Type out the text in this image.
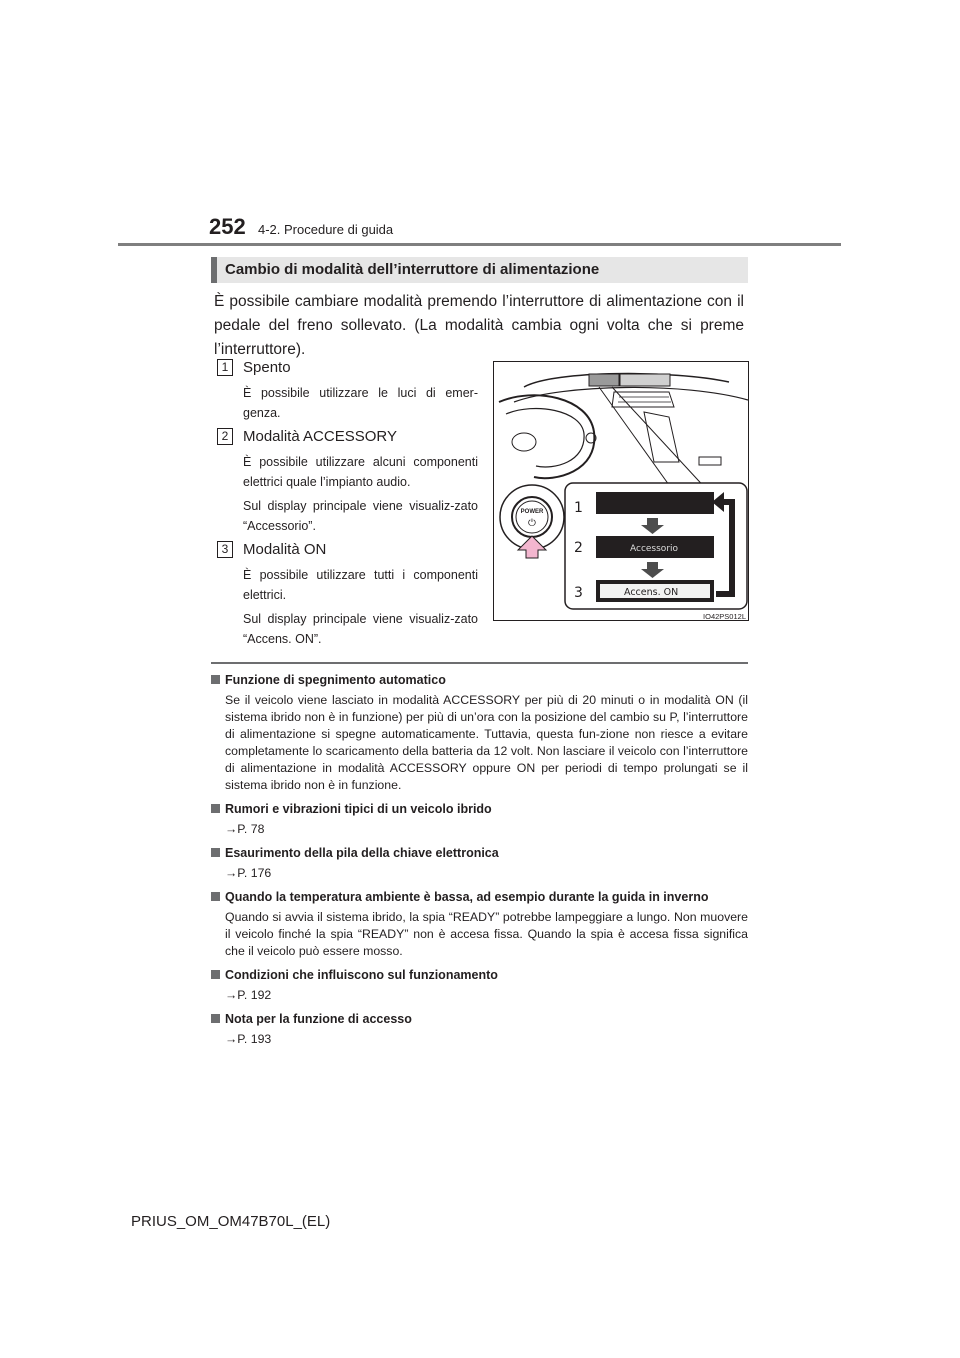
252 4-2. Procedure di guida
Cambio di modalità dell’interruttore di alimentazione
È possibile cambiare modalità premendo l’interruttore di alimentazione con il pedale del freno sollevato. (La modalità cambia ogni volta che si preme l’interruttore).
1 Spento
È possibile utilizzare le luci di emer-genza.
2 Modalità ACCESSORY
È possibile utilizzare alcuni componenti elettrici quale l’impianto audio.
Sul display principale viene visualiz-zato “Accessorio”.
3 Modalità ON
È possibile utilizzare tutti i componenti elettrici.
Sul display principale viene visualiz-zato “Accens. ON”.
POWER
⏻
1
2	Accessorio
3	Accens. ON
IO42PS012L
Funzione di spegnimento automatico
Se il veicolo viene lasciato in modalità ACCESSORY per più di 20 minuti o in modalità ON (il sistema ibrido non è in funzione) per più di un’ora con la posizione del cambio su P, l’interruttore di alimentazione si spegne automaticamente. Tuttavia, questa fun-zione non riesce a evitare completamente lo scaricamento della batteria da 12 volt. Non lasciare il veicolo con l’interruttore di alimentazione in modalità ACCESSORY oppure ON per periodi di tempo prolungati se il sistema ibrido non è in funzione.
Rumori e vibrazioni tipici di un veicolo ibrido
→P. 78
Esaurimento della pila della chiave elettronica
→P. 176
Quando la temperatura ambiente è bassa, ad esempio durante la guida in inverno
Quando si avvia il sistema ibrido, la spia “READY” potrebbe lampeggiare a lungo. Non muovere il veicolo finché la spia “READY” non è accesa fissa. Quando la spia è accesa fissa significa che il veicolo può essere mosso.
Condizioni che influiscono sul funzionamento
→P. 192
Nota per la funzione di accesso
→P. 193
PRIUS_OM_OM47B70L_(EL)
